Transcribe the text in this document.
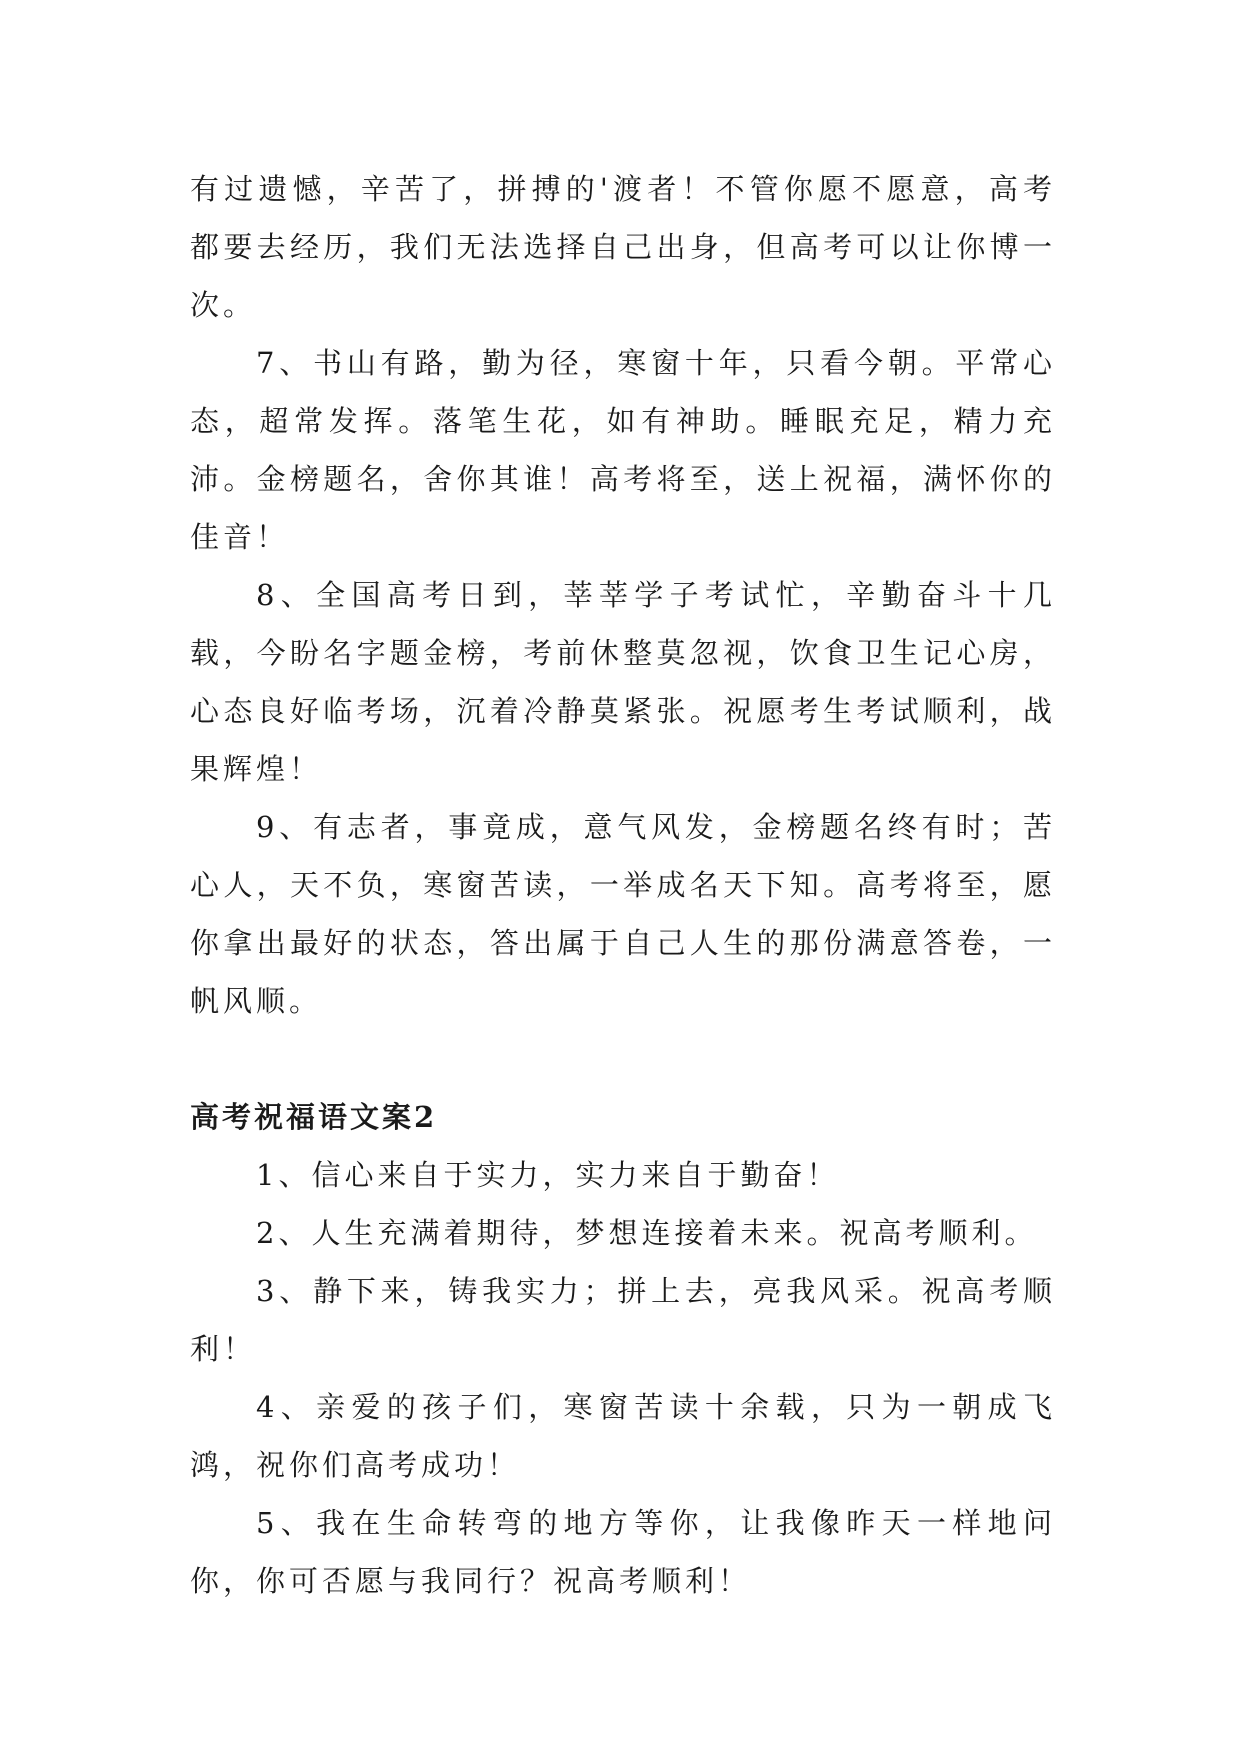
有过遗憾，辛苦了，拼搏的'渡者！不管你愿不愿意，高考都要去经历，我们无法选择自己出身，但高考可以让你博一次。

7、书山有路，勤为径，寒窗十年，只看今朝。平常心态，超常发挥。落笔生花，如有神助。睡眠充足，精力充沛。金榜题名，舍你其谁！高考将至，送上祝福，满怀你的佳音！

8、全国高考日到，莘莘学子考试忙，辛勤奋斗十几载，今盼名字题金榜，考前休整莫忽视，饮食卫生记心房，心态良好临考场，沉着冷静莫紧张。祝愿考生考试顺利，战果辉煌！

9、有志者，事竟成，意气风发，金榜题名终有时；苦心人，天不负，寒窗苦读，一举成名天下知。高考将至，愿你拿出最好的状态，答出属于自己人生的那份满意答卷，一帆风顺。

高考祝福语文案2

1、信心来自于实力，实力来自于勤奋！

2、人生充满着期待，梦想连接着未来。祝高考顺利。

3、静下来，铸我实力；拼上去，亮我风采。祝高考顺利！

4、亲爱的孩子们，寒窗苦读十余载，只为一朝成飞鸿，祝你们高考成功！

5、我在生命转弯的地方等你，让我像昨天一样地问你，你可否愿与我同行？祝高考顺利！
